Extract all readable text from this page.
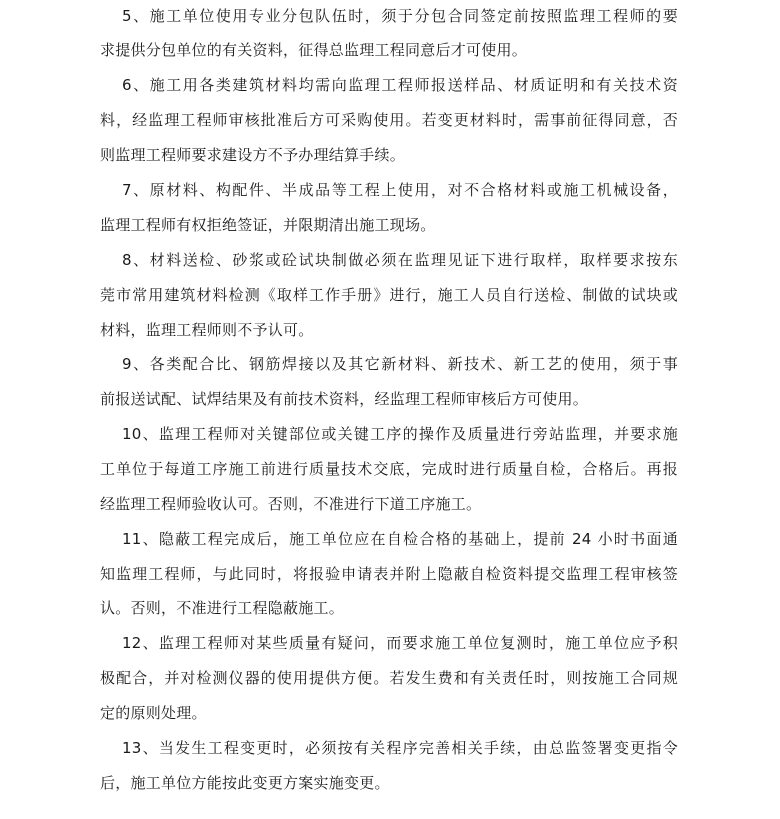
5、施工单位使用专业分包队伍时，须于分包合同签定前按照监理工程师的要
求提供分包单位的有关资料，征得总监理工程同意后才可使用。
6、施工用各类建筑材料均需向监理工程师报送样品、材质证明和有关技术资
料，经监理工程师审核批准后方可采购使用。若变更材料时，需事前征得同意，否
则监理工程师要求建设方不予办理结算手续。
7、原材料、构配件、半成品等工程上使用，对不合格材料或施工机械设备，
监理工程师有权拒绝签证，并限期清出施工现场。
8、材料送检、砂浆或砼试块制做必须在监理见证下进行取样，取样要求按东
莞市常用建筑材料检测《取样工作手册》进行，施工人员自行送检、制做的试块或
材料，监理工程师则不予认可。
9、各类配合比、钢筋焊接以及其它新材料、新技术、新工艺的使用，须于事
前报送试配、试焊结果及有前技术资料，经监理工程师审核后方可使用。
10、监理工程师对关键部位或关键工序的操作及质量进行旁站监理，并要求施
工单位于每道工序施工前进行质量技术交底，完成时进行质量自检，合格后。再报
经监理工程师验收认可。否则，不准进行下道工序施工。
11、隐蔽工程完成后，施工单位应在自检合格的基础上，提前 24 小时书面通
知监理工程师，与此同时，将报验申请表并附上隐蔽自检资料提交监理工程审核签
认。否则，不准进行工程隐蔽施工。
12、监理工程师对某些质量有疑问，而要求施工单位复测时，施工单位应予积
极配合，并对检测仪器的使用提供方便。若发生费和有关责任时，则按施工合同规
定的原则处理。
13、当发生工程变更时，必须按有关程序完善相关手续，由总监签署变更指令
后，施工单位方能按此变更方案实施变更。
